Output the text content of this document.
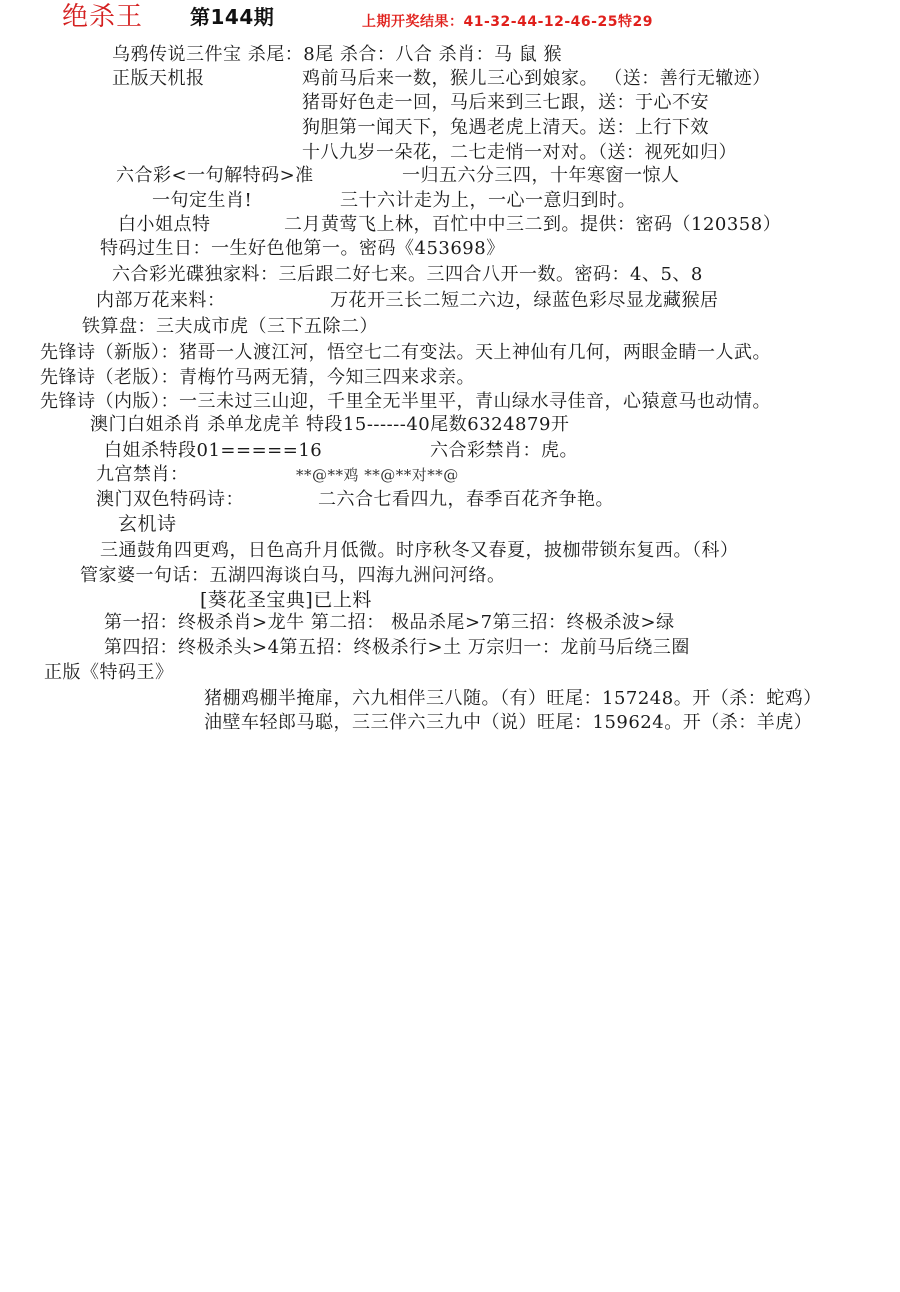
绝杀王 第144期	上期开奖结果：41-32-44-12-46-25特29
乌鸦传说三件宝 杀尾：8尾 杀合：八合 杀肖：马 鼠 猴
正版天机报	鸡前马后来一数，猴儿三心到娘家。 （送：善行无辙迹）
猪哥好色走一回，马后来到三七跟，送：于心不安
狗胆第一闻天下，兔遇老虎上清天。送：上行下效
十八九岁一朵花，二七走悄一对对。（送：视死如归）
六合彩<一句解特码>准	一归五六分三四，十年寒窗一惊人
一句定生肖!	三十六计走为上，一心一意归到时。
白小姐点特	二月黄莺飞上林，百忙中中三二到。提供：密码（120358）
特码过生日：一生好色他第一。密码《453698》
六合彩光碟独家料：三后跟二好七来。三四合八开一数。密码：4、5、8
内部万花来料：	万花开三长二短二六边，绿蓝色彩尽显龙藏猴居
铁算盘：三夫成市虎（三下五除二）
先锋诗（新版）：猪哥一人渡江河，悟空七二有变法。天上神仙有几何，两眼金睛一人武。
先锋诗（老版）：青梅竹马两无猜，今知三四来求亲。
先锋诗（内版）：一三未过三山迎，千里全无半里平，青山绿水寻佳音，心猿意马也动情。
澳门白姐杀肖 杀单龙虎羊 特段15------40尾数6324879开
白姐杀特段01=====16	六合彩禁肖：虎。
九宫禁肖：	**@**鸡 **@**对**@
澳门双色特码诗：	二六合七看四九，春季百花齐争艳。
玄机诗
三通鼓角四更鸡，日色高升月低微。时序秋冬又春夏，披枷带锁东复西。（科）
管家婆一句话：五湖四海谈白马，四海九洲问河络。
[葵花圣宝典]已上料
第一招：终极杀肖>龙牛 第二招： 极品杀尾>7第三招：终极杀波>绿
第四招：终极杀头>4第五招：终极杀行>土 万宗归一：龙前马后绕三圈
正版《特码王》
猪棚鸡棚半掩扉，六九相伴三八随。（有）旺尾：157248。开（杀：蛇鸡）
油壁车轻郎马聪，三三伴六三九中（说）旺尾：159624。开（杀：羊虎）
